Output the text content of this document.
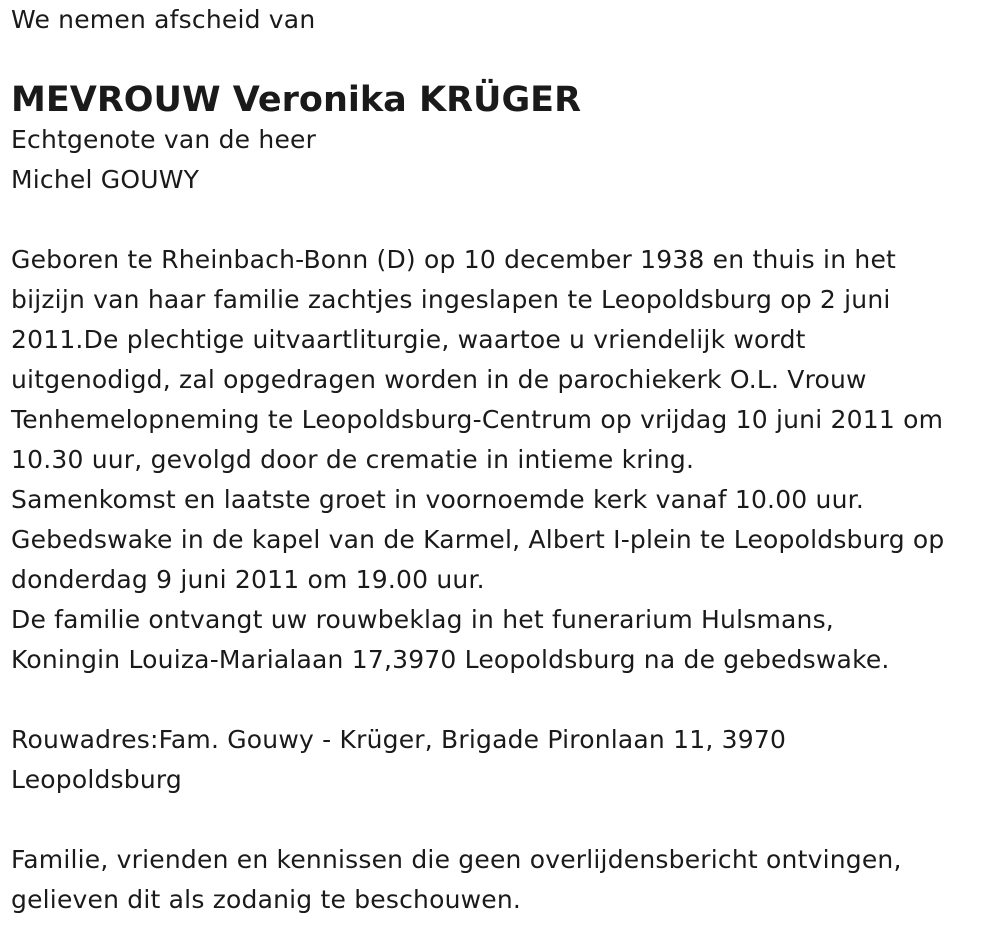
We nemen afscheid van
MEVROUW Veronika KRÜGER
Echtgenote van de heer
Michel GOUWY
Geboren te Rheinbach-Bonn (D) op 10 december 1938 en thuis in het
bijzijn van haar familie zachtjes ingeslapen te Leopoldsburg op 2 juni
2011.De plechtige uitvaartliturgie, waartoe u vriendelijk wordt
uitgenodigd, zal opgedragen worden in de parochiekerk O.L. Vrouw
Tenhemelopneming te Leopoldsburg-Centrum op vrijdag 10 juni 2011 om
10.30 uur, gevolgd door de crematie in intieme kring.
Samenkomst en laatste groet in voornoemde kerk vanaf 10.00 uur.
Gebedswake in de kapel van de Karmel, Albert I-plein te Leopoldsburg op
donderdag 9 juni 2011 om 19.00 uur.
De familie ontvangt uw rouwbeklag in het funerarium Hulsmans,
Koningin Louiza-Marialaan 17,3970 Leopoldsburg na de gebedswake.
Rouwadres:Fam. Gouwy - Krüger, Brigade Pironlaan 11, 3970
Leopoldsburg
Familie, vrienden en kennissen die geen overlijdensbericht ontvingen,
gelieven dit als zodanig te beschouwen.
